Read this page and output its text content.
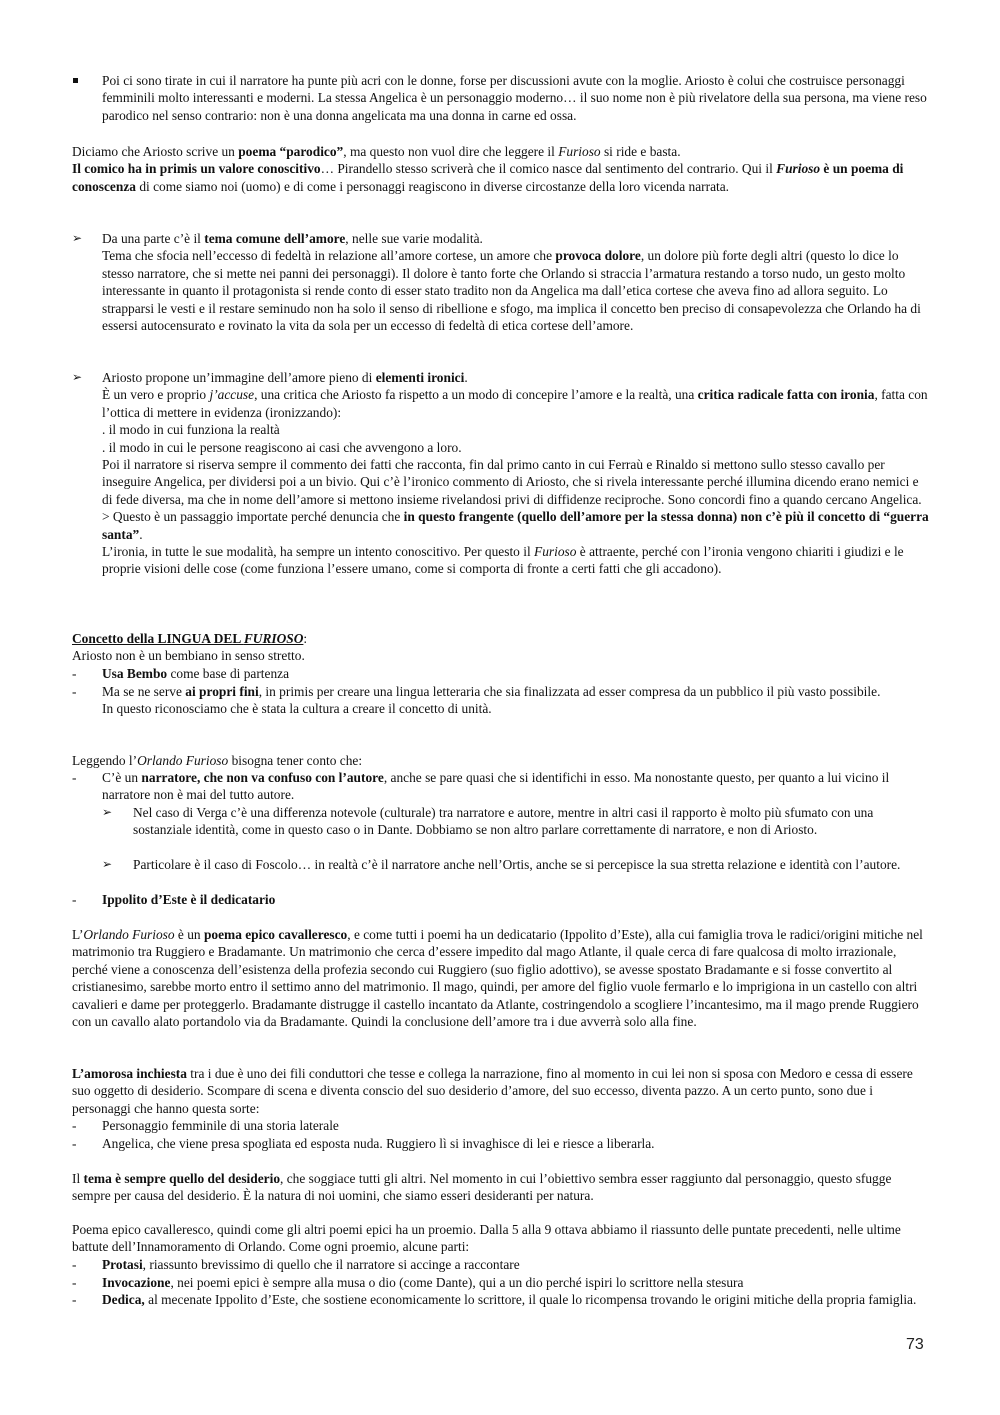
Poi ci sono tirate in cui il narratore ha punte più acri con le donne, forse per discussioni avute con la moglie. Ariosto è colui che costruisce personaggi femminili molto interessanti e moderni. La stessa Angelica è un personaggio moderno… il suo nome non è più rivelatore della sua persona, ma viene reso parodico nel senso contrario: non è una donna angelicata ma una donna in carne ed ossa.

Diciamo che Ariosto scrive un poema “parodico”, ma questo non vuol dire che leggere il Furioso si ride e basta.

Il comico ha in primis un valore conoscitivo… Pirandello stesso scriverà che il comico nasce dal sentimento del contrario. Qui il Furioso è un poema di conoscenza di come siamo noi (uomo) e di come i personaggi reagiscono in diverse circostanze della loro vicenda narrata.

➢	Da una parte c’è il tema comune dell’amore, nelle sue varie modalità.

Tema che sfocia nell’eccesso di fedeltà in relazione all’amore cortese, un amore che provoca dolore, un dolore più forte degli altri (questo lo dice lo stesso narratore, che si mette nei panni dei personaggi). Il dolore è tanto forte che Orlando si straccia l’armatura restando a torso nudo, un gesto molto interessante in quanto il protagonista si rende conto di esser stato tradito non da Angelica ma dall’etica cortese che aveva fino ad allora seguito. Lo strapparsi le vesti e il restare seminudo non ha solo il senso di ribellione e sfogo, ma implica il concetto ben preciso di consapevolezza che Orlando ha di essersi autocensurato e rovinato la vita da sola per un eccesso di fedeltà di etica cortese dell’amore.

➢	Ariosto propone un’immagine dell’amore pieno di elementi ironici.

È un vero e proprio j’accuse, una critica che Ariosto fa rispetto a un modo di concepire l’amore e la realtà, una critica radicale fatta con ironia, fatta con l’ottica di mettere in evidenza (ironizzando):

. il modo in cui funziona la realtà

. il modo in cui le persone reagiscono ai casi che avvengono a loro.

Poi il narratore si riserva sempre il commento dei fatti che racconta, fin dal primo canto in cui Ferraù e Rinaldo si mettono sullo stesso cavallo per inseguire Angelica, per dividersi poi a un bivio. Qui c’è l’ironico commento di Ariosto, che si rivela interessante perché illumina dicendo erano nemici e di fede diversa, ma che in nome dell’amore si mettono insieme rivelandosi privi di diffidenze reciproche. Sono concordi fino a quando cercano Angelica.

> Questo è un passaggio importate perché denuncia che in questo frangente (quello dell’amore per la stessa donna) non c’è più il concetto di “guerra santa”.

L’ironia, in tutte le sue modalità, ha sempre un intento conoscitivo. Per questo il Furioso è attraente, perché con l’ironia vengono chiariti i giudizi e le proprie visioni delle cose (come funziona l’essere umano, come si comporta di fronte a certi fatti che gli accadono).

Concetto della LINGUA DEL FURIOSO:

Ariosto non è un bembiano in senso stretto.

-	Usa Bembo come base di partenza

-	Ma se ne serve ai propri fini, in primis per creare una lingua letteraria che sia finalizzata ad esser compresa da un pubblico il più vasto possibile.

In questo riconosciamo che è stata la cultura a creare il concetto di unità.

Leggendo l’Orlando Furioso bisogna tener conto che:

-	C’è un narratore, che non va confuso con l’autore, anche se pare quasi che si identifichi in esso. Ma nonostante questo, per quanto a lui vicino il narratore non è mai del tutto autore.

➢	Nel caso di Verga c’è una differenza notevole (culturale) tra narratore e autore, mentre in altri casi il rapporto è molto più sfumato con una sostanziale identità, come in questo caso o in Dante. Dobbiamo se non altro parlare correttamente di narratore, e non di Ariosto.

➢	Particolare è il caso di Foscolo… in realtà c’è il narratore anche nell’Ortis, anche se si percepisce la sua stretta relazione e identità con l’autore.

-	Ippolito d’Este è il dedicatario

L’Orlando Furioso è un poema epico cavalleresco, e come tutti i poemi ha un dedicatario (Ippolito d’Este), alla cui famiglia trova le radici/origini mitiche nel matrimonio tra Ruggiero e Bradamante. Un matrimonio che cerca d’essere impedito dal mago Atlante, il quale cerca di fare qualcosa di molto irrazionale, perché viene a conoscenza dell’esistenza della profezia secondo cui Ruggiero (suo figlio adottivo), se avesse spostato Bradamante e si fosse convertito al cristianesimo, sarebbe morto entro il settimo anno del matrimonio. Il mago, quindi, per amore del figlio vuole fermarlo e lo imprigiona in un castello con altri cavalieri e dame per proteggerlo. Bradamante distrugge il castello incantato da Atlante, costringendolo a scogliere l’incantesimo, ma il mago prende Ruggiero con un cavallo alato portandolo via da Bradamante. Quindi la conclusione dell’amore tra i due avverrà solo alla fine.

L’amorosa inchiesta tra i due è uno dei fili conduttori che tesse e collega la narrazione, fino al momento in cui lei non si sposa con Medoro e cessa di essere suo oggetto di desiderio. Scompare di scena e diventa conscio del suo desiderio d’amore, del suo eccesso, diventa pazzo. A un certo punto, sono due i personaggi che hanno questa sorte:

-	Personaggio femminile di una storia laterale

-	Angelica, che viene presa spogliata ed esposta nuda. Ruggiero lì si invaghisce di lei e riesce a liberarla.

Il tema è sempre quello del desiderio, che soggiace tutti gli altri. Nel momento in cui l’obiettivo sembra esser raggiunto dal personaggio, questo sfugge sempre per causa del desiderio. È la natura di noi uomini, che siamo esseri desideranti per natura.

Poema epico cavalleresco, quindi come gli altri poemi epici ha un proemio. Dalla 5 alla 9 ottava abbiamo il riassunto delle puntate precedenti, nelle ultime battute dell’Innamoramento di Orlando. Come ogni proemio, alcune parti:

-	Protasi, riassunto brevissimo di quello che il narratore si accinge a raccontare

-	Invocazione, nei poemi epici è sempre alla musa o dio (come Dante), qui a un dio perché ispiri lo scrittore nella stesura

-	Dedica, al mecenate Ippolito d’Este, che sostiene economicamente lo scrittore, il quale lo ricompensa trovando le origini mitiche della propria famiglia.

73
